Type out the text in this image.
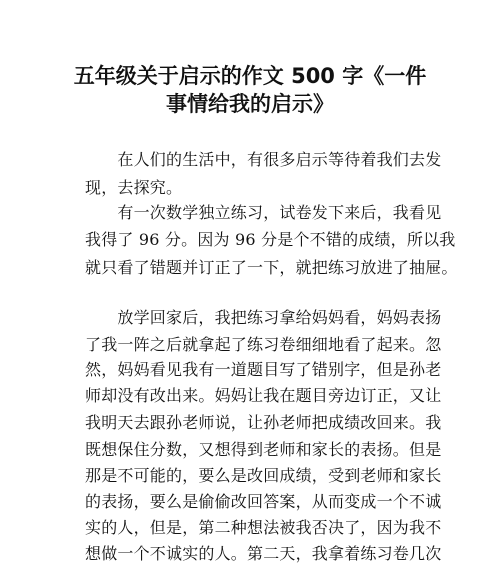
五年级关于启示的作文 500 字《一件
事情给我的启示》
　　在人们的生活中，有很多启示等待着我们去发
现，去探究。
　　有一次数学独立练习，试卷发下来后，我看见
我得了 96 分。因为 96 分是个不错的成绩，所以我
就只看了错题并订正了一下，就把练习放进了抽屉。
　　放学回家后，我把练习拿给妈妈看，妈妈表扬
了我一阵之后就拿起了练习卷细细地看了起来。忽
然，妈妈看见我有一道题目写了错别字，但是孙老
师却没有改出来。妈妈让我在题目旁边订正，又让
我明天去跟孙老师说，让孙老师把成绩改回来。我
既想保住分数，又想得到老师和家长的表扬。但是
那是不可能的，要么是改回成绩，受到老师和家长
的表扬，要么是偷偷改回答案，从而变成一个不诚
实的人，但是，第二种想法被我否决了，因为我不
想做一个不诚实的人。第二天，我拿着练习卷几次
